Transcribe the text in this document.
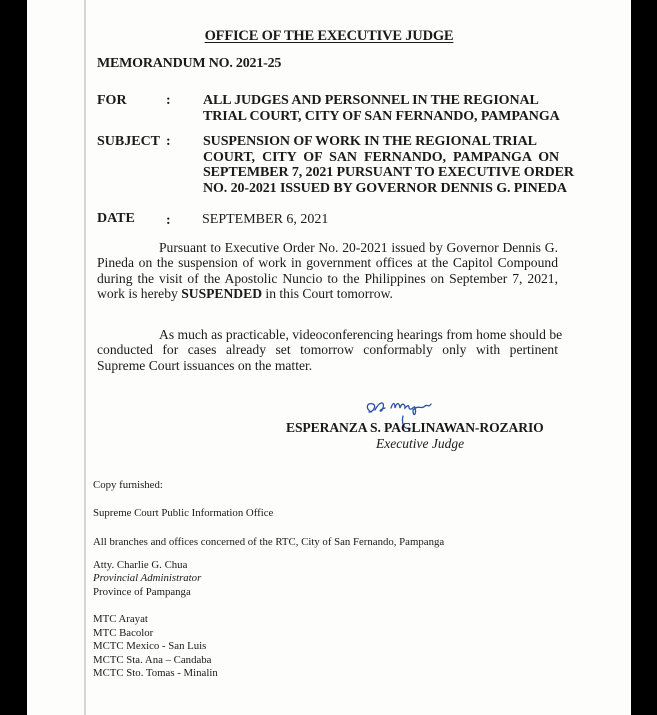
OFFICE OF THE EXECUTIVE JUDGE
MEMORANDUM NO. 2021-25
FOR	: ALL JUDGES AND PERSONNEL IN THE REGIONAL
TRIAL COURT, CITY OF SAN FERNANDO, PAMPANGA
SUBJECT : SUSPENSION OF WORK IN THE REGIONAL TRIAL
COURT, CITY OF SAN FERNANDO, PAMPANGA ON
SEPTEMBER 7, 2021 PURSUANT TO EXECUTIVE ORDER
NO. 20-2021 ISSUED BY GOVERNOR DENNIS G. PINEDA
DATE : SEPTEMBER 6, 2021
Pursuant to Executive Order No. 20-2021 issued by Governor Dennis G.
Pineda on the suspension of work in government offices at the Capitol Compound
during the visit of the Apostolic Nuncio to the Philippines on September 7, 2021,
work is hereby SUSPENDED in this Court tomorrow.
As much as practicable, videoconferencing hearings from home should be
conducted for cases already set tomorrow conformably only with pertinent
Supreme Court issuances on the matter.
ESPERANZA S. PAGLINAWAN-ROZARIO
Executive Judge
Copy furnished:
Supreme Court Public Information Office
All branches and offices concerned of the RTC, City of San Fernando, Pampanga
Atty. Charlie G. Chua
Provincial Administrator
Province of Pampanga
MTC Arayat
MTC Bacolor
MCTC Mexico - San Luis
MCTC Sta. Ana – Candaba
MCTC Sto. Tomas - Minalin
